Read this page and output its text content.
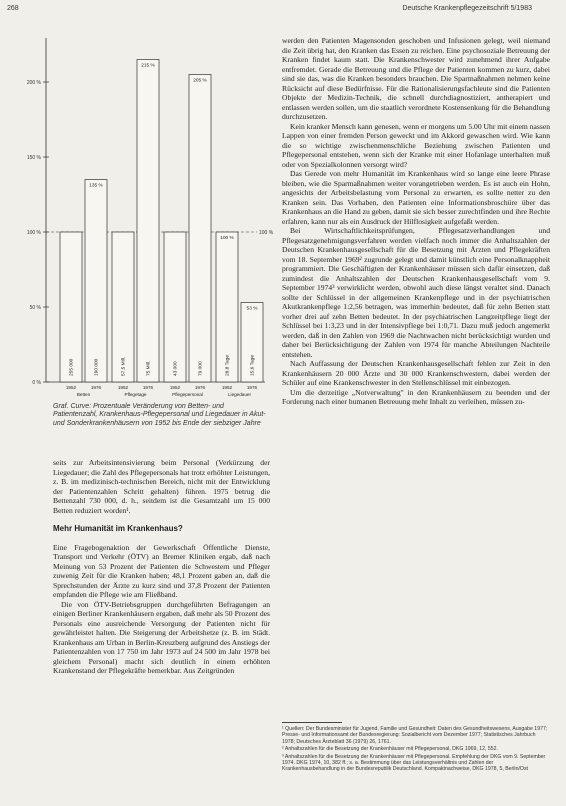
268	Deutsche Krankenpflegezeitschrift 5/1983
200 %
150 %
100 %
50 %
0 %
100 %
255 000
1952
135 %
190 000
1976
Betten
57,5 Mill.
1952
215 %
75 Mill.
1976
Pflegetage
43 000
1952
205 %
79 000
1976
Pflegepersonal
100 %
28,8 Tage
1952
53 %
15,6 Tage
1976
Liegedauer
Graf. Curve: Prozentuale Veränderung von Betten- und Patientenzahl, Krankenhaus-Pflegepersonal und Liegedauer in Akut- und Sonderkrankenhäusern von 1952 bis Ende der siebziger Jahre

seits zur Arbeitsintensivierung beim Personal (Verkürzung der Liegedauer; die Zahl des Pflegepersonals hat trotz erhöhter Leistungen, z. B. im medizinisch-technischen Bereich, nicht mit der Entwicklung der Patientenzahlen Schritt gehalten) führen. 1975 betrug die Bettenzahl 730 000, d. h., seitdem ist die Gesamtzahl um 15 000 Betten reduziert worden¹.

Mehr Humanität im Krankenhaus?

Eine Fragebogenaktion der Gewerkschaft Öffentliche Dienste, Transport und Verkehr (ÖTV) an Bremer Kliniken ergab, daß nach Meinung von 53 Prozent der Patienten die Schwestern und Pfleger zuwenig Zeit für die Kranken haben; 48,1 Prozent gaben an, daß die Sprechstunden der Ärzte zu kurz sind und 37,8 Prozent der Patienten empfanden die Pflege wie am Fließband.

Die von ÖTV-Betriebsgruppen durchgeführten Befragungen an einigen Berliner Krankenhäusern ergaben, daß mehr als 50 Prozent des Personals eine ausreichende Versorgung der Patienten nicht für gewährleistet halten. Die Steigerung der Arbeitshetze (z. B. im Städt. Krankenhaus am Urban in Berlin-Kreuzberg aufgrund des Anstiegs der Patientenzahlen von 17 750 im Jahr 1973 auf 24 500 im Jahr 1978 bei gleichem Personal) macht sich deutlich in einem erhöhten Krankenstand der Pflegekräfte bemerkbar. Aus Zeitgründen

werden den Patienten Magensonden geschoben und Infusionen gelegt, weil niemand die Zeit übrig hat, den Kranken das Essen zu reichen. Eine psychosoziale Betreuung der Kranken findet kaum statt. Die Krankenschwester wird zunehmend ihrer Aufgabe entfremdet. Gerade die Betreuung und die Pflege der Patienten kommen zu kurz, dabei sind sie das, was die Kranken besonders brauchen. Die Sparmaßnahmen nehmen keine Rücksicht auf diese Bedürfnisse. Für die Rationalisierungsfachleute sind die Patienten Objekte der Medizin-Technik, die schnell durchdiagnostiziert, antherapiert und entlassen werden sollen, um die staatlich verordnete Kostensenkung für die Behandlung durchzusetzen.

Kein kranker Mensch kann genesen, wenn er morgens um 5.00 Uhr mit einem nassen Lappen von einer fremden Person geweckt und im Akkord gewaschen wird. Wie kann die so wichtige zwischenmenschliche Beziehung zwischen Patienten und Pflegepersonal entstehen, wenn sich der Kranke mit einer Hofanlage unterhalten muß oder von Spezialkolonnen versorgt wird?

Das Gerede von mehr Humanität im Krankenhaus wird so lange eine leere Phrase bleiben, wie die Sparmaßnahmen weiter vorangetrieben werden. Es ist auch ein Hohn, angesichts der Arbeitsbelastung vom Personal zu erwarten, es sollte netter zu den Kranken sein. Das Vorhaben, den Patienten eine Informationsbroschüre über das Krankenhaus an die Hand zu geben, damit sie sich besser zurechtfinden und ihre Rechte erfahren, kann nur als ein Ausdruck der Hilflosigkeit aufgefaßt werden.

Bei Wirtschaftlichkeitsprüfungen, Pflegesatzverhandlungen und Pflegesatzgenehmigungsverfahren werden vielfach noch immer die Anhaltszahlen der Deutschen Krankenhausgesellschaft für die Besetzung mit Ärzten und Pflegekräften vom 18. September 1969² zugrunde gelegt und damit künstlich eine Personalknappheit programmiert. Die Geschäftigten der Krankenhäuser müssen sich dafür einsetzen, daß zumindest die Anhaltszahlen der Deutschen Krankenhausgesellschaft vom 9. September 1974³ verwirklicht werden, obwohl auch diese längst veraltet sind. Danach sollte der Schlüssel in der allgemeinen Krankenpflege und in der psychiatrischen Akutkrankenpflege 1:2,56 betragen, was immerhin bedeutet, daß für zehn Betten statt vorher drei auf zehn Betten bedeutet. In der psychiatrischen Langzeitpflege liegt der Schlüssel bei 1:3,23 und in der Intensivpflege bei 1:0,71. Dazu muß jedoch angemerkt werden, daß in den Zahlen von 1969 die Nachtwachen nicht berücksichtigt wurden und daher bei Berücksichtigung der Zahlen von 1974 für manche Abteilungen Nachteile entstehen.

Nach Auffassung der Deutschen Krankenhausgesellschaft fehlen zur Zeit in den Krankenhäusern 20 000 Ärzte und 30 000 Krankenschwestern, dabei werden der Schüler auf eine Krankenschwester in den Stellenschlüssel mit einbezogen.

Um die derzeitige „Notverwaltung" in den Krankenhäusern zu beenden und der Forderung nach einer humanen Betreuung mehr Inhalt zu verleihen, müssen zu-

¹ Quellen: Der Bundesminister für Jugend, Familie und Gesundheit: Daten des Gesundheitswesens, Ausgabe 1977; Presse- und Informationsamt der Bundesregierung: Sozialbericht vom Dezember 1977; Statistisches Jahrbuch 1978; Deutsches Ärzteblatt 36 (1979) 26, 1761.
² Anhaltszahlen für die Besetzung der Krankenhäuser mit Pflegepersonal, DKG 1969, 12, 552.
³ Anhaltszahlen für die Besetzung der Krankenhäuser mit Pflegepersonal. Empfehlung der DKG vom 9. September 1974. DKG 1974, 10, 382 ff.; s. a. Bestimmung über das Leistungsverhältnis und Zahlen der Krankenhausbehandlung in der Bundesrepublik Deutschland. Kompaktnachweise, DKG 1978, 5, Berlin/Ost
